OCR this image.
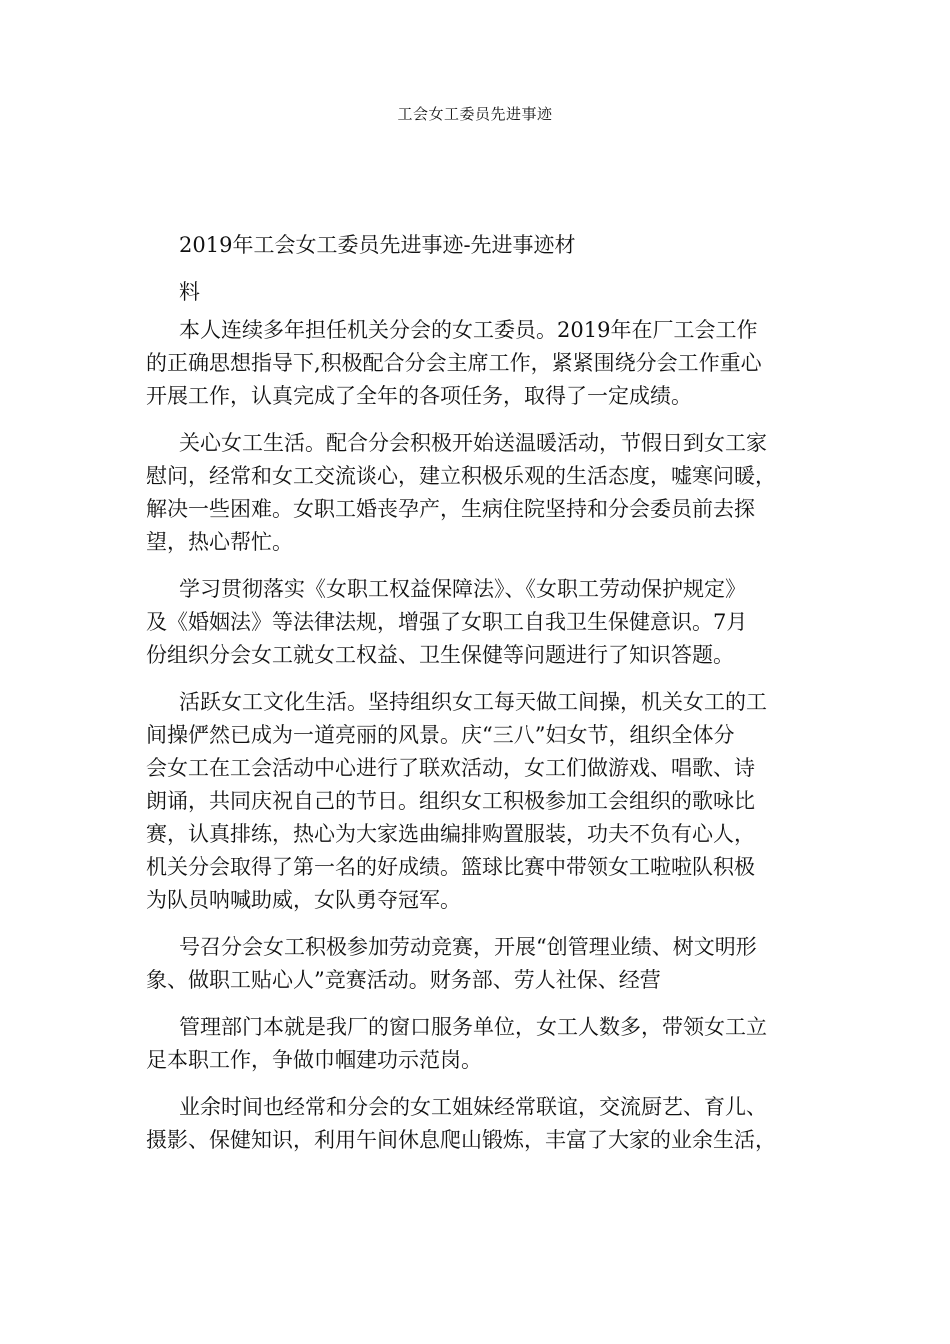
工会女工委员先进事迹
2019年工会女工委员先进事迹-先进事迹材
料
本人连续多年担任机关分会的女工委员。2019年在厂工会工作
的正确思想指导下,积极配合分会主席工作，紧紧围绕分会工作重心
开展工作，认真完成了全年的各项任务，取得了一定成绩。
关心女工生活。配合分会积极开始送温暖活动，节假日到女工家
慰问，经常和女工交流谈心，建立积极乐观的生活态度，嘘寒问暖，
解决一些困难。女职工婚丧孕产，生病住院坚持和分会委员前去探
望，热心帮忙。
学习贯彻落实《女职工权益保障法》、《女职工劳动保护规定》
及《婚姻法》等法律法规，增强了女职工自我卫生保健意识。7月
份组织分会女工就女工权益、卫生保健等问题进行了知识答题。
活跃女工文化生活。坚持组织女工每天做工间操，机关女工的工
间操俨然已成为一道亮丽的风景。庆“三八”妇女节，组织全体分
会女工在工会活动中心进行了联欢活动，女工们做游戏、唱歌、诗
朗诵，共同庆祝自己的节日。组织女工积极参加工会组织的歌咏比
赛，认真排练，热心为大家选曲编排购置服装，功夫不负有心人，
机关分会取得了第一名的好成绩。篮球比赛中带领女工啦啦队积极
为队员呐喊助威，女队勇夺冠军。
号召分会女工积极参加劳动竞赛，开展“创管理业绩、树文明形
象、做职工贴心人”竞赛活动。财务部、劳人社保、经营
管理部门本就是我厂的窗口服务单位，女工人数多，带领女工立
足本职工作，争做巾帼建功示范岗。
业余时间也经常和分会的女工姐妹经常联谊，交流厨艺、育儿、
摄影、保健知识，利用午间休息爬山锻炼，丰富了大家的业余生活，
